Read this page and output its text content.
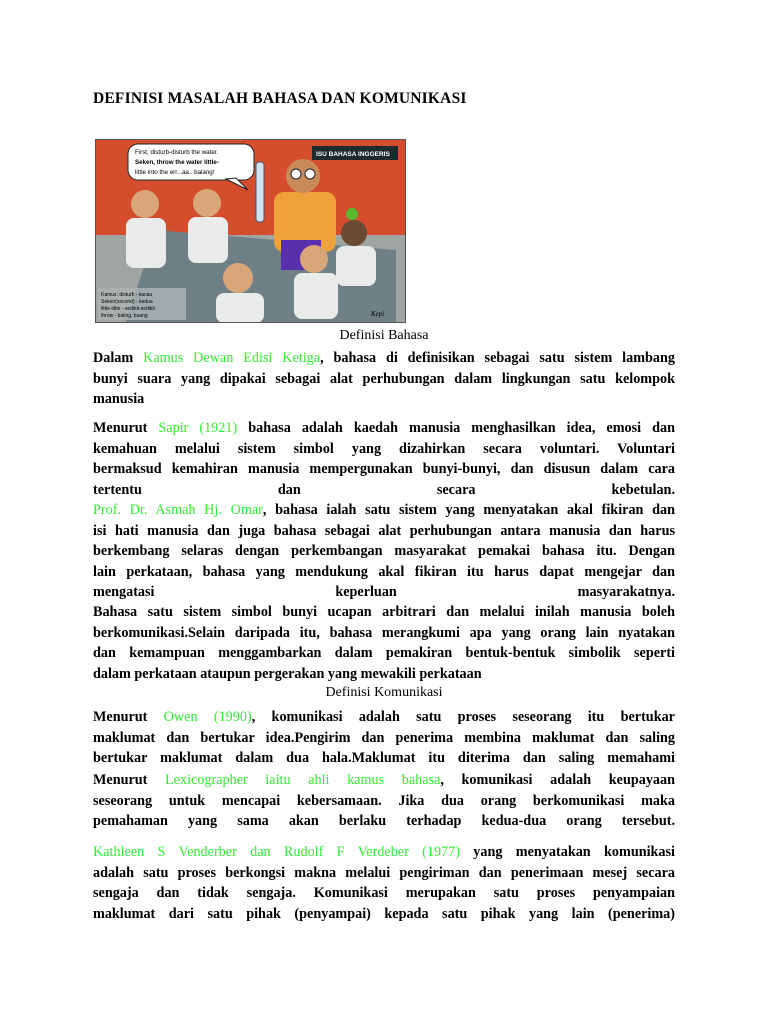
DEFINISI MASALAH BAHASA DAN KOMUNIKASI
First, disturb-disturb the water.
Seken, throw the water little-
little into the err...aa.. balang!
ISU BAHASA INGGERIS
Kamus: disturb - kacau
Seken(second) - kedua
little-little - sedikit-sedikit
throw - baling, buang	Kepi

Definisi Bahasa

Dalam Kamus Dewan Edisi Ketiga, bahasa di definisikan sebagai satu sistem lambang
bunyi suara yang dipakai sebagai alat perhubungan dalam lingkungan satu kelompok
manusia
Menurut Sapir (1921) bahasa adalah kaedah manusia menghasilkan idea, emosi dan
kemahuan melalui sistem simbol yang dizahirkan secara voluntari. Voluntari
bermaksud kemahiran manusia mempergunakan bunyi-bunyi, dan disusun dalam cara
tertentu dan secara kebetulan.
Prof. Dr. Asmah Hj. Omar, bahasa ialah satu sistem yang menyatakan akal fikiran dan
isi hati manusia dan juga bahasa sebagai alat perhubungan antara manusia dan harus
berkembang selaras dengan perkembangan masyarakat pemakai bahasa itu. Dengan
lain perkataan, bahasa yang mendukung akal fikiran itu harus dapat mengejar dan
mengatasi keperluan masyarakatnya.
Bahasa satu sistem simbol bunyi ucapan arbitrari dan melalui inilah manusia boleh
berkomunikasi.Selain daripada itu, bahasa merangkumi apa yang orang lain nyatakan
dan kemampuan menggambarkan dalam pemakiran bentuk-bentuk simbolik seperti
dalam perkataan ataupun pergerakan yang mewakili perkataan

Definisi Komunikasi

Menurut Owen (1990), komunikasi adalah satu proses seseorang itu bertukar
maklumat dan bertukar idea.Pengirim dan penerima membina maklumat dan saling
bertukar maklumat dalam dua hala.Maklumat itu diterima dan saling memahami
Menurut Lexicographer iaitu ahli kamus bahasa, komunikasi adalah keupayaan
seseorang untuk mencapai kebersamaan. Jika dua orang berkomunikasi maka
pemahaman yang sama akan berlaku terhadap kedua-dua orang tersebut.
Kathleen S Venderber dan Rudolf F Verdeber (1977) yang menyatakan komunikasi
adalah satu proses berkongsi makna melalui pengiriman dan penerimaan mesej secara
sengaja dan tidak sengaja. Komunikasi merupakan satu proses penyampaian
maklumat dari satu pihak (penyampai) kepada satu pihak yang lain (penerima)
